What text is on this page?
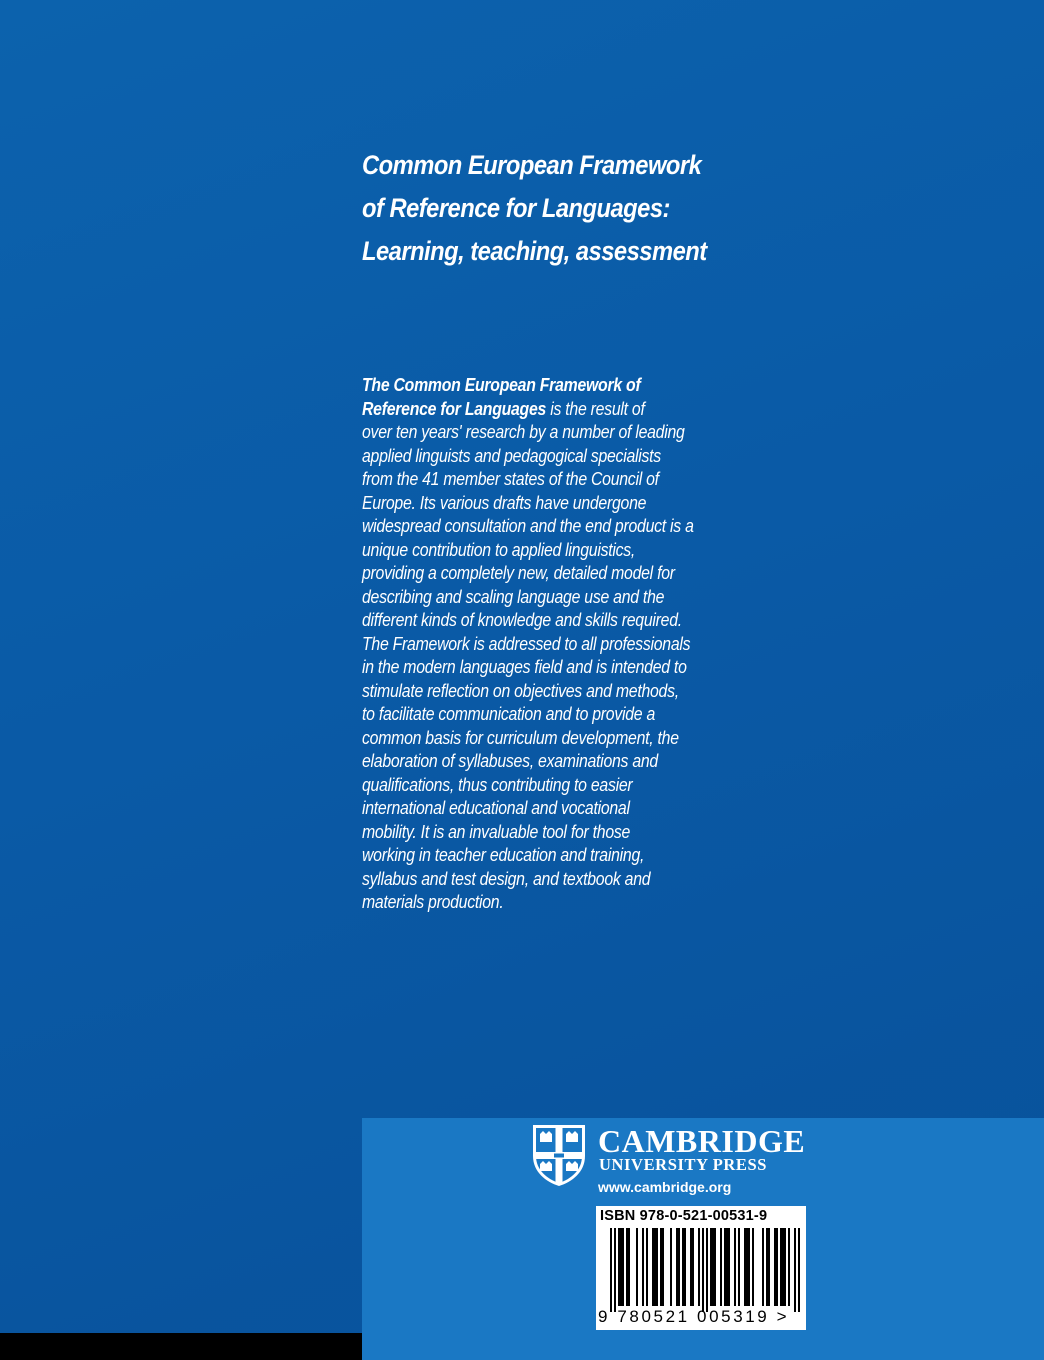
Common European Framework
of Reference for Languages:
Learning, teaching, assessment
The Common European Framework of
Reference for Languages is the result of
over ten years' research by a number of leading
applied linguists and pedagogical specialists
from the 41 member states of the Council of
Europe. Its various drafts have undergone
widespread consultation and the end product is a
unique contribution to applied linguistics,
providing a completely new, detailed model for
describing and scaling language use and the
different kinds of knowledge and skills required.
The Framework is addressed to all professionals
in the modern languages field and is intended to
stimulate reflection on objectives and methods,
to facilitate communication and to provide a
common basis for curriculum development, the
elaboration of syllabuses, examinations and
qualifications, thus contributing to easier
international educational and vocational
mobility. It is an invaluable tool for those
working in teacher education and training,
syllabus and test design, and textbook and
materials production.
CAMBRIDGE
UNIVERSITY PRESS
www.cambridge.org
ISBN 978-0-521-00531-9
9 780521 005319 >
